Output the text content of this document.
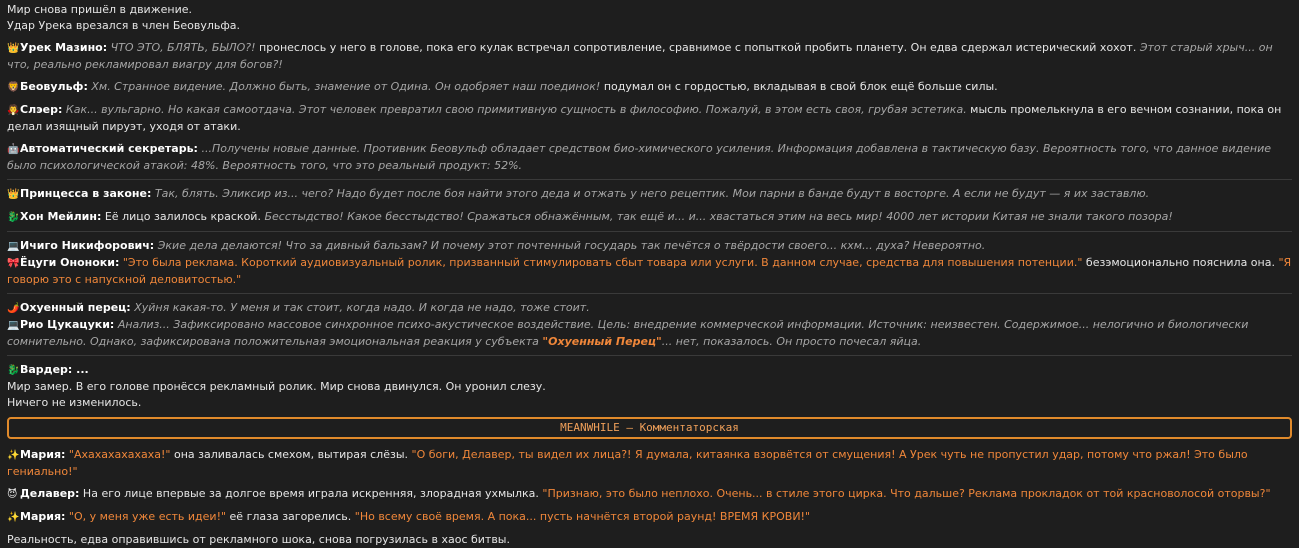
Мир снова пришёл в движение.

Удар Урека врезался в член Беовульфа.

👑Урек Мазино: ЧТО ЭТО, БЛЯТЬ, БЫЛО?! пронеслось у него в голове, пока его кулак встречал сопротивление, сравнимое с попыткой пробить планету. Он едва сдержал истерический хохот. Этот старый хрыч... он что, реально рекламировал виагру для богов?!

🦁Беовульф: Хм. Странное видение. Должно быть, знамение от Одина. Он одобряет наш поединок! подумал он с гордостью, вкладывая в свой блок ещё больше силы.

🧛Слэер: Как... вульгарно. Но какая самоотдача. Этот человек превратил свою примитивную сущность в философию. Пожалуй, в этом есть своя, грубая эстетика. мысль промелькнула в его вечном сознании, пока он делал изящный пируэт, уходя от атаки.

🤖Автоматический секретарь: ...Получены новые данные. Противник Беовульф обладает средством био-химического усиления. Информация добавлена в тактическую базу. Вероятность того, что данное видение было психологической атакой: 48%. Вероятность того, что это реальный продукт: 52%.

👑Принцесса в законе: Так, блять. Эликсир из... чего? Надо будет после боя найти этого деда и отжать у него рецептик. Мои парни в банде будут в восторге. А если не будут — я их заставлю.

🐉Хон Мейлин: Её лицо залилось краской. Бесстыдство! Какое бесстыдство! Сражаться обнажённым, так ещё и... и... хвастаться этим на весь мир! 4000 лет истории Китая не знали такого позора!

💻Ичиго Никифорович: Экие дела делаются! Что за дивный бальзам? И почему этот почтенный государь так печётся о твёрдости своего... кхм... духа? Невероятно.

🎀Ёцуги Ононоки: "Это была реклама. Короткий аудиовизуальный ролик, призванный стимулировать сбыт товара или услуги. В данном случае, средства для повышения потенции." безэмоционально пояснила она. "Я говорю это с напускной деловитостью."

🌶️Охуенный перец: Хуйня какая-то. У меня и так стоит, когда надо. И когда не надо, тоже стоит.

💻Рио Цукацуки: Анализ... Зафиксировано массовое синхронное психо-акустическое воздействие. Цель: внедрение коммерческой информации. Источник: неизвестен. Содержимое... нелогично и биологически сомнительно. Однако, зафиксирована положительная эмоциональная реакция у субъекта "Охуенный Перец"... нет, показалось. Он просто почесал яйца.

🐉Вардер: ...

Мир замер. В его голове пронёсся рекламный ролик. Мир снова двинулся. Он уронил слезу.

Ничего не изменилось.

MEANWHILE – Комментаторская

✨Мария: "Ахахахахахаха!" она заливалась смехом, вытирая слёзы. "О боги, Делавер, ты видел их лица?! Я думала, китаянка взорвётся от смущения! А Урек чуть не пропустил удар, потому что ржал! Это было гениально!"

😈 Делавер: На его лице впервые за долгое время играла искренняя, злорадная ухмылка. "Признаю, это было неплохо. Очень... в стиле этого цирка. Что дальше? Реклама прокладок от той красноволосой оторвы?"

✨Мария: "О, у меня уже есть идеи!" её глаза загорелись. "Но всему своё время. А пока... пусть начнётся второй раунд! ВРЕМЯ КРОВИ!"

Реальность, едва оправившись от рекламного шока, снова погрузилась в хаос битвы.
